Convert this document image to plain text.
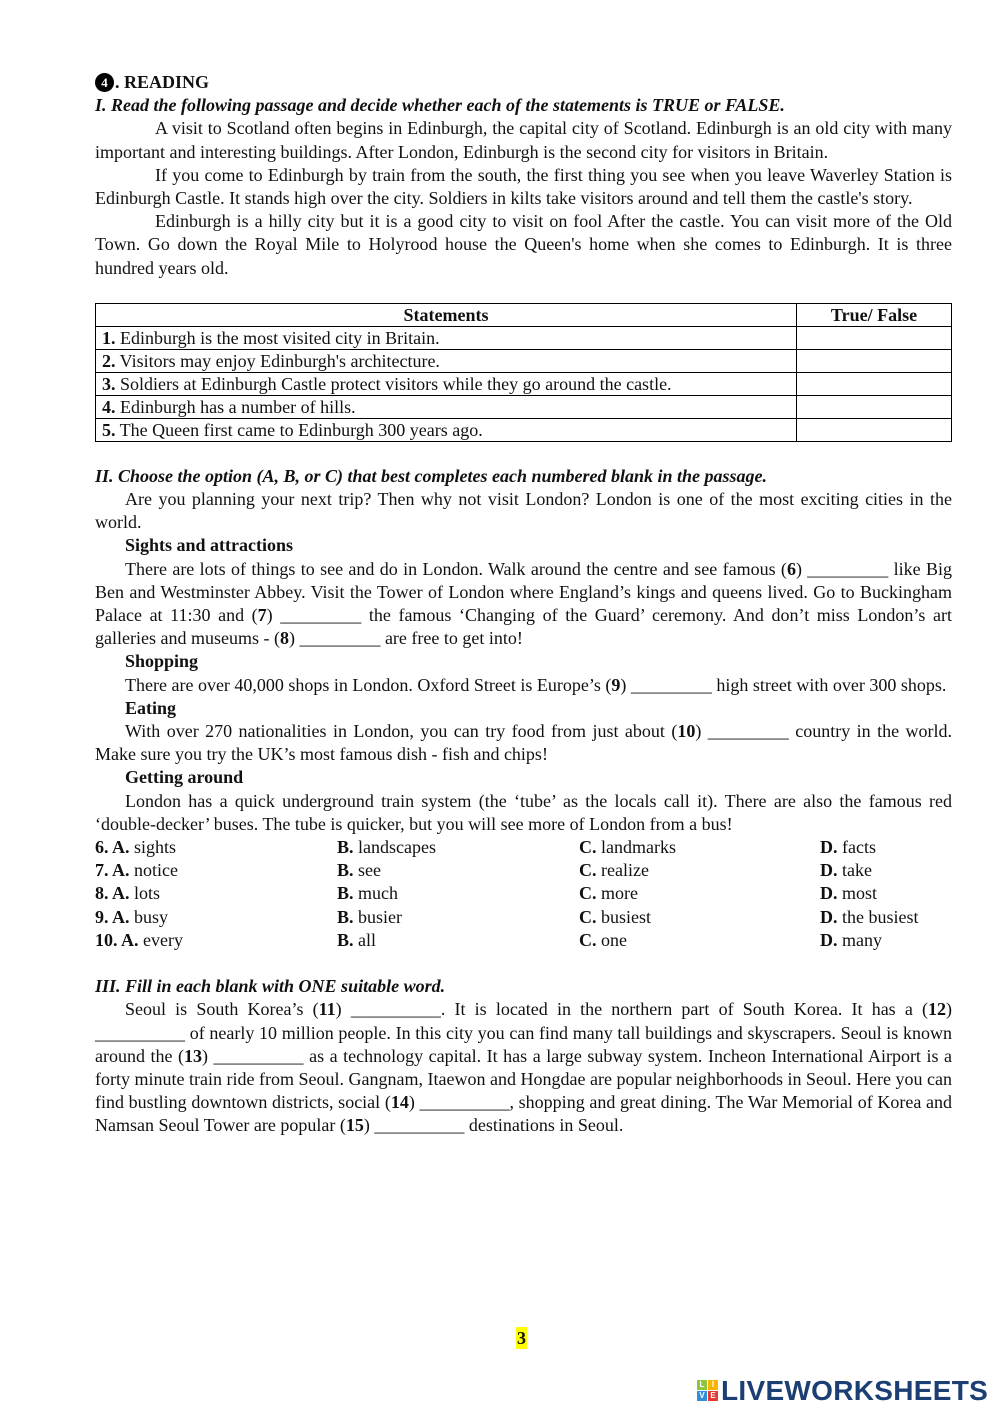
4 . READING
I. Read the following passage and decide whether each of the statements is TRUE or FALSE.

A visit to Scotland often begins in Edinburgh, the capital city of Scotland. Edinburgh is an old city with many important and interesting buildings. After London, Edinburgh is the second city for visitors in Britain.

If you come to Edinburgh by train from the south, the first thing you see when you leave Waverley Station is Edinburgh Castle. It stands high over the city. Soldiers in kilts take visitors around and tell them the castle's story.

Edinburgh is a hilly city but it is a good city to visit on fool After the castle. You can visit more of the Old Town. Go down the Royal Mile to Holyrood house the Queen's home when she comes to Edinburgh. It is three hundred years old.

Statements	True/ False
1. Edinburgh is the most visited city in Britain.	
2. Visitors may enjoy Edinburgh's architecture.	
3. Soldiers at Edinburgh Castle protect visitors while they go around the castle.	
4. Edinburgh has a number of hills.	
5. The Queen first came to Edinburgh 300 years ago.	
II. Choose the option (A, B, or C) that best completes each numbered blank in the passage.

Are you planning your next trip? Then why not visit London? London is one of the most exciting cities in the world.

Sights and attractions

There are lots of things to see and do in London. Walk around the centre and see famous (6) _________ like Big Ben and Westminster Abbey. Visit the Tower of London where England’s kings and queens lived. Go to Buckingham Palace at 11:30 and (7) _________ the famous ‘Changing of the Guard’ ceremony. And don’t miss London’s art galleries and museums - (8) _________ are free to get into!

Shopping

There are over 40,000 shops in London. Oxford Street is Europe’s (9) _________ high street with over 300 shops.

Eating

With over 270 nationalities in London, you can try food from just about (10) _________ country in the world. Make sure you try the UK’s most famous dish - fish and chips!

Getting around

London has a quick underground train system (the ‘tube’ as the locals call it). There are also the famous red ‘double-decker’ buses. The tube is quicker, but you will see more of London from a bus!

6. A. sights	B. landscapes	C. landmarks	D. facts
7. A. notice	B. see	C. realize	D. take
8. A. lots	B. much	C. more	D. most
9. A. busy	B. busier	C. busiest	D. the busiest
10. A. every	B. all	C. one	D. many
III. Fill in each blank with ONE suitable word.

Seoul is South Korea’s (11) __________. It is located in the northern part of South Korea. It has a (12) __________ of nearly 10 million people. In this city you can find many tall buildings and skyscrapers. Seoul is known around the (13) __________ as a technology capital. It has a large subway system. Incheon International Airport is a forty minute train ride from Seoul. Gangnam, Itaewon and Hongdae are popular neighborhoods in Seoul. Here you can find bustling downtown districts, social (14) __________, shopping and great dining. The War Memorial of Korea and Namsan Seoul Tower are popular (15) __________ destinations in Seoul.

3
L I
V E LIVEWORKSHEETS
